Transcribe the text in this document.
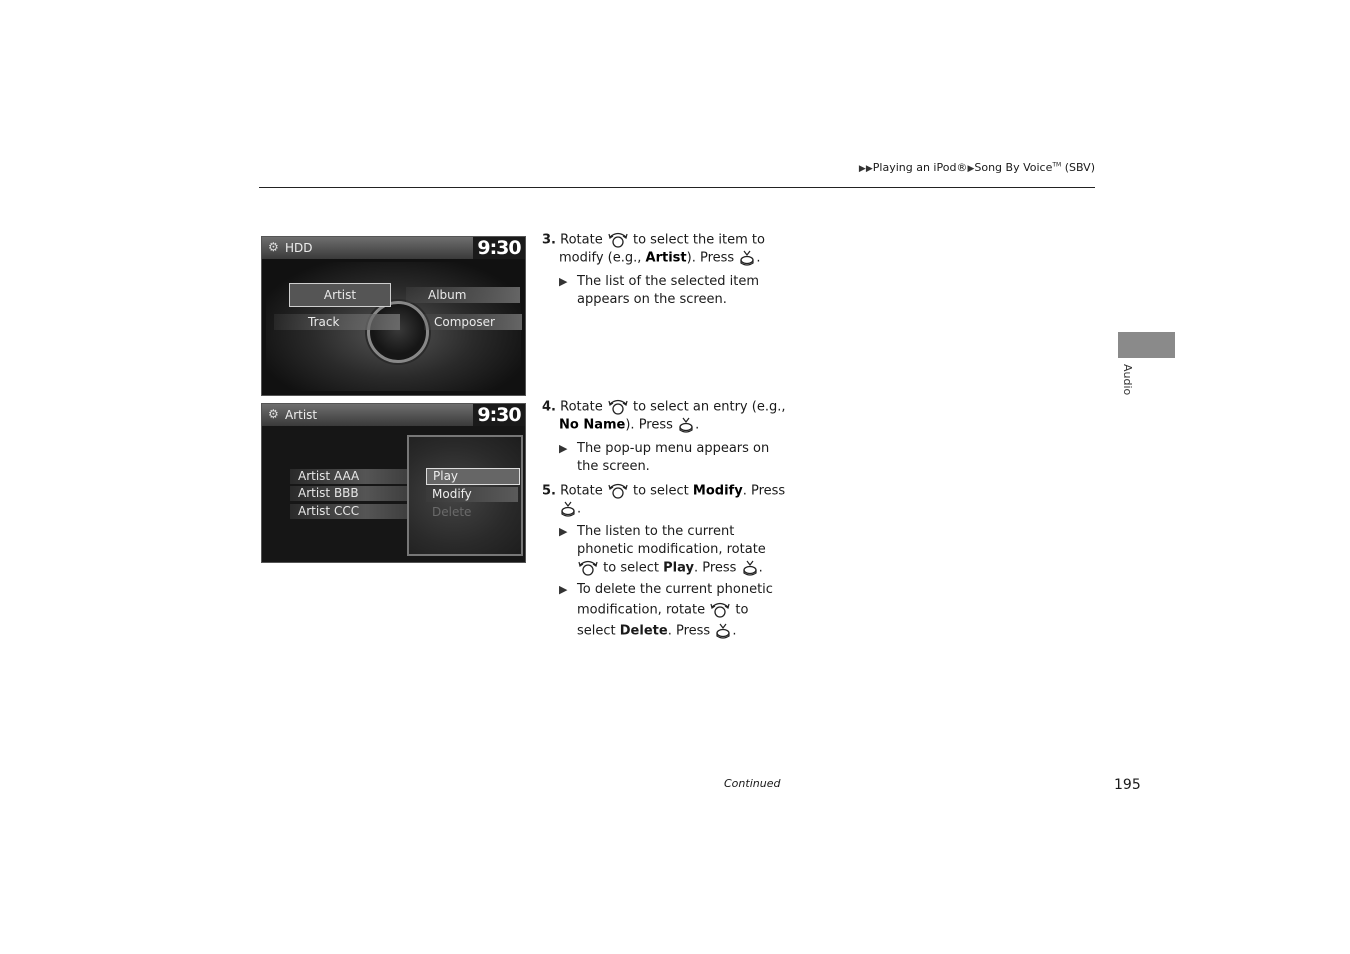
▶▶Playing an iPod®▶Song By Voice™ (SBV)
Audio
⚙ HDD	9:30
Artist	Album
Track	Composer
⚙ Artist	9:30
Artist AAA
Artist BBB
Artist CCC
Play
Modify
Delete
3. Rotate to select the item to
modify (e.g., Artist). Press .
▶ The list of the selected item
appears on the screen.
4. Rotate to select an entry (e.g.,
No Name). Press .
▶ The pop-up menu appears on
the screen.
5. Rotate to select Modify. Press
.
▶ The listen to the current
phonetic modification, rotate
to select Play. Press .
▶ To delete the current phonetic
modification, rotate to
select Delete. Press .
Continued	195
